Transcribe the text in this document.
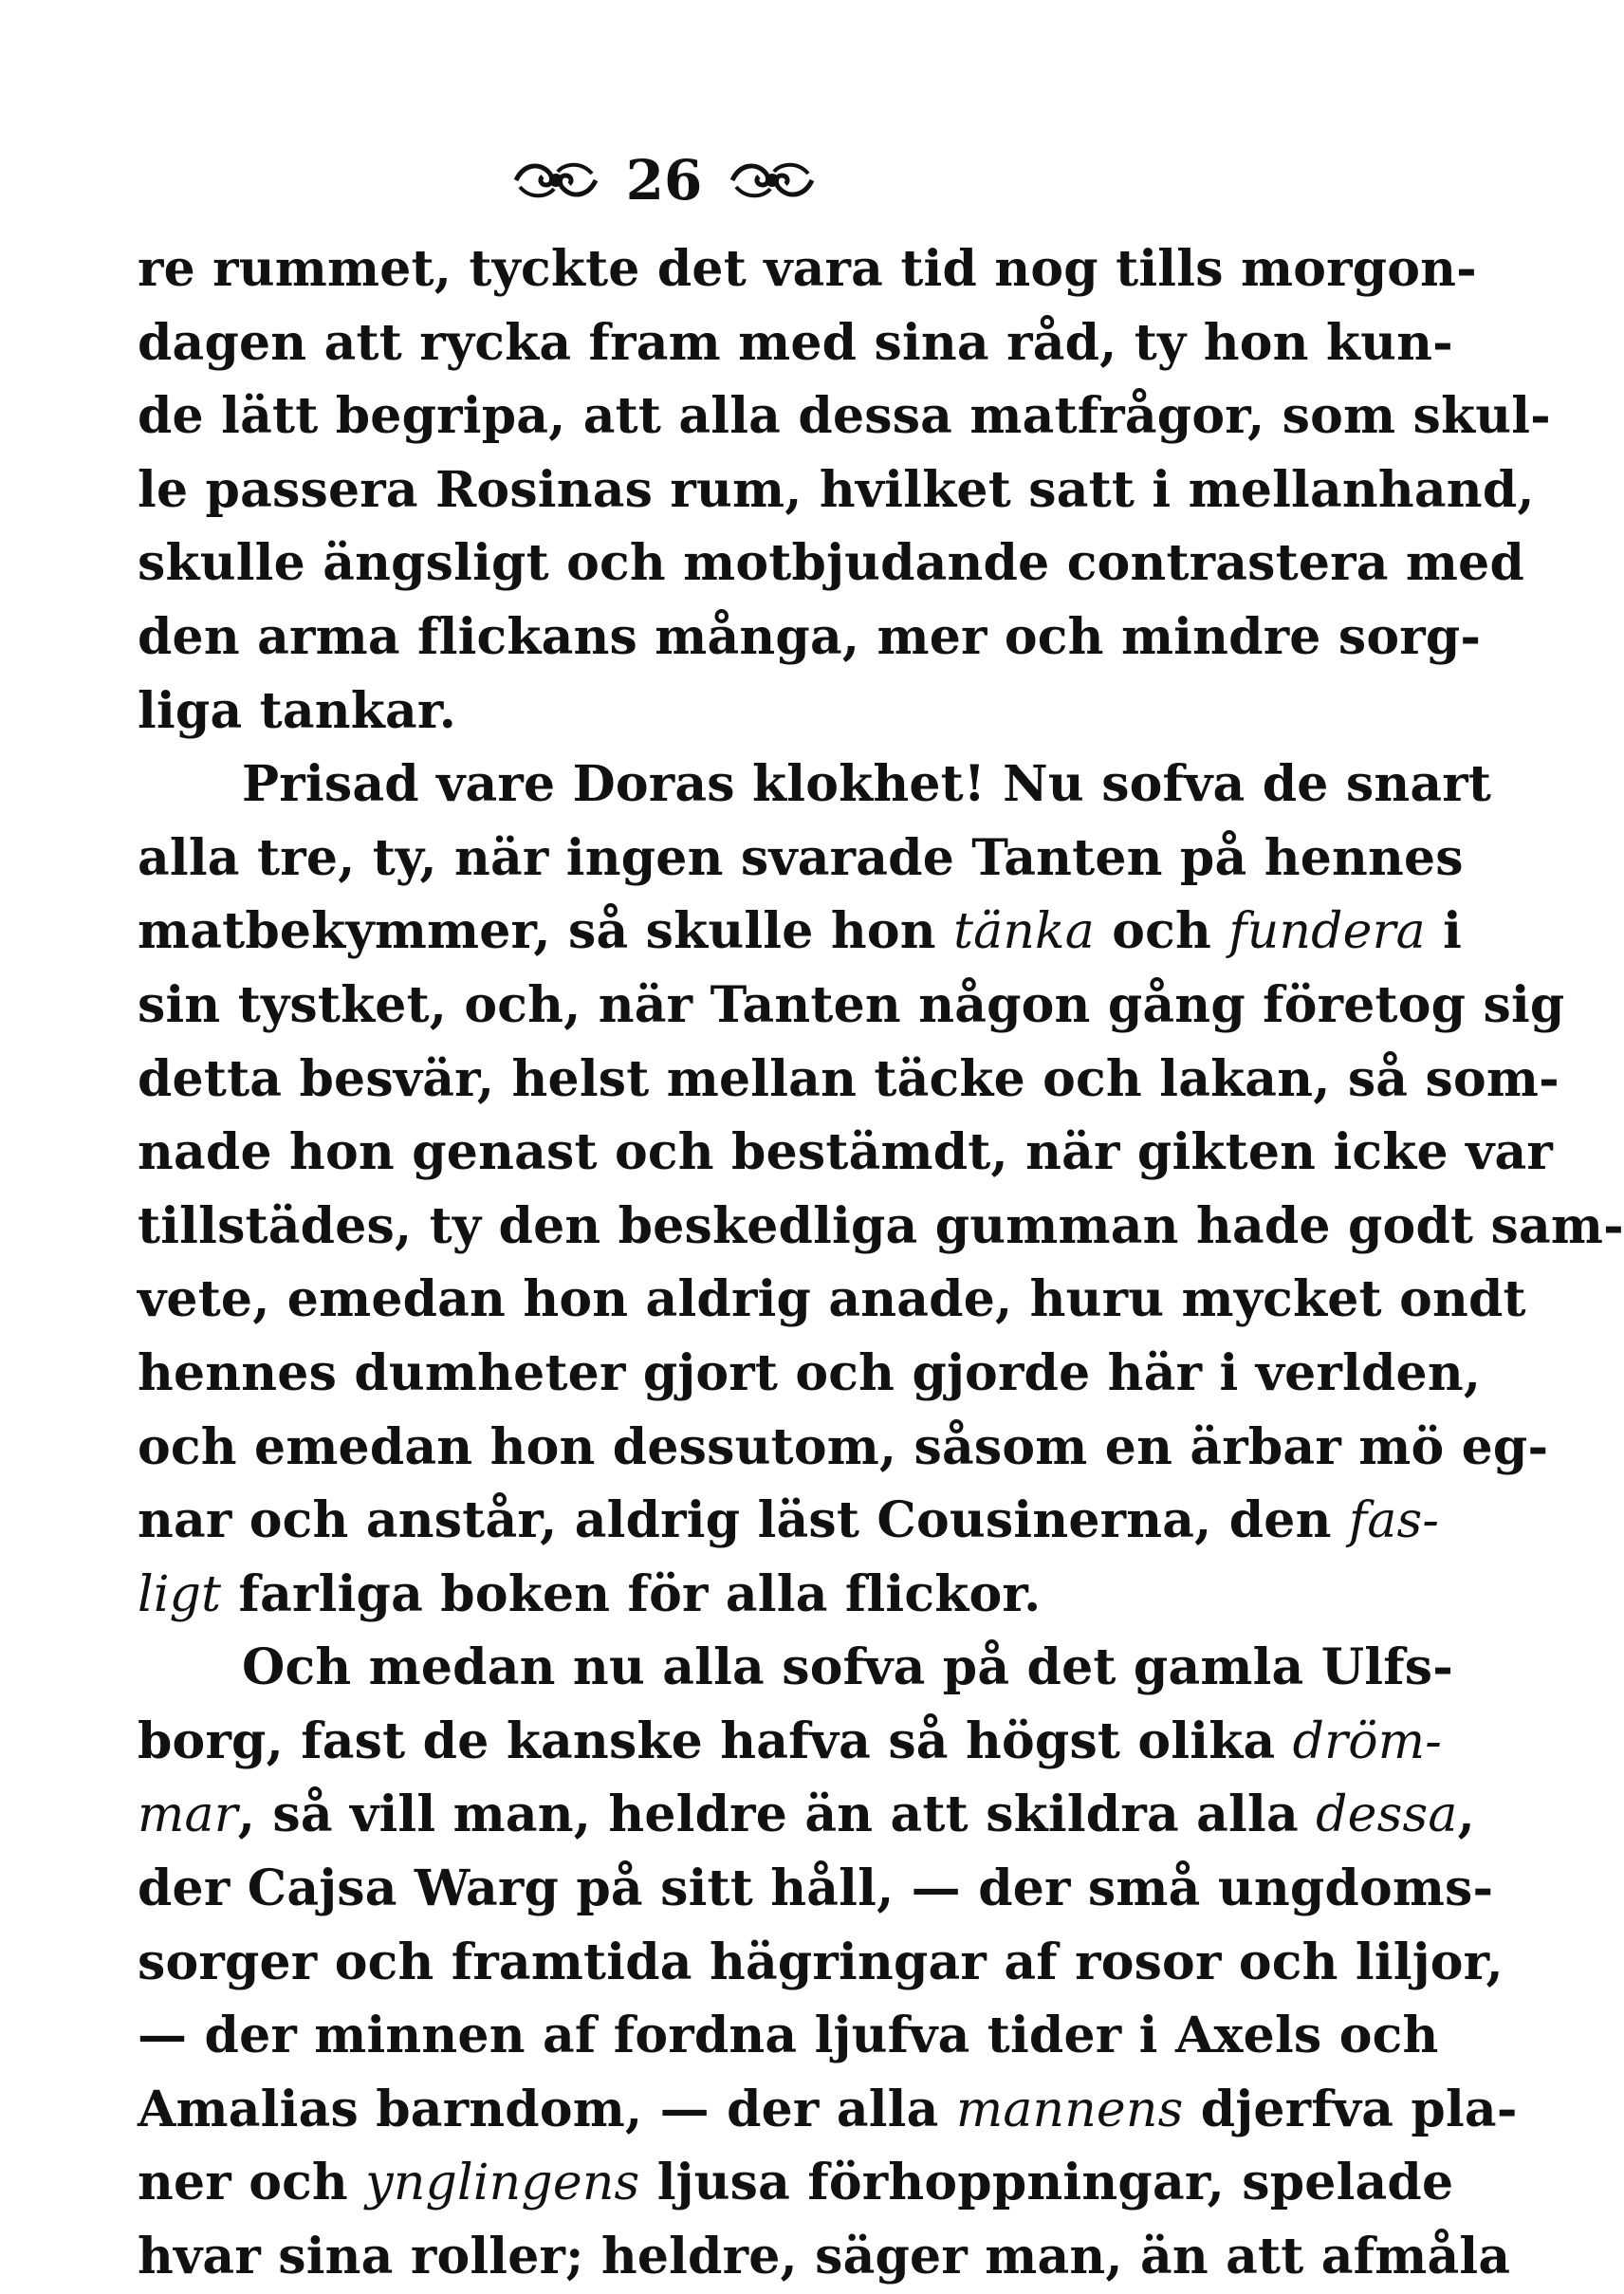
26
re rummet, tyckte det vara tid nog tills morgon-
dagen att rycka fram med sina råd, ty hon kun-
de lätt begripa, att alla dessa matfrågor, som skul-
le passera Rosinas rum, hvilket satt i mellanhand,
skulle ängsligt och motbjudande contrastera med
den arma flickans många, mer och mindre sorg-
liga tankar.
Prisad vare Doras klokhet! Nu sofva de snart
alla tre, ty, när ingen svarade Tanten på hennes
matbekymmer, så skulle hon tänka och fundera i
sin tystket, och, när Tanten någon gång företog sig
detta besvär, helst mellan täcke och lakan, så som-
nade hon genast och bestämdt, när gikten icke var
tillstädes, ty den beskedliga gumman hade godt sam-
vete, emedan hon aldrig anade, huru mycket ondt
hennes dumheter gjort och gjorde här i verlden,
och emedan hon dessutom, såsom en ärbar mö eg-
nar och anstår, aldrig läst Cousinerna, den fas-
ligt farliga boken för alla flickor.
Och medan nu alla sofva på det gamla Ulfs-
borg, fast de kanske hafva så högst olika dröm-
mar, så vill man, heldre än att skildra alla dessa,
der Cajsa Warg på sitt håll, — der små ungdoms-
sorger och framtida hägringar af rosor och liljor,
— der minnen af fordna ljufva tider i Axels och
Amalias barndom, — der alla mannens djerfva pla-
ner och ynglingens ljusa förhoppningar, spelade
hvar sina roller; heldre, säger man, än att afmåla
